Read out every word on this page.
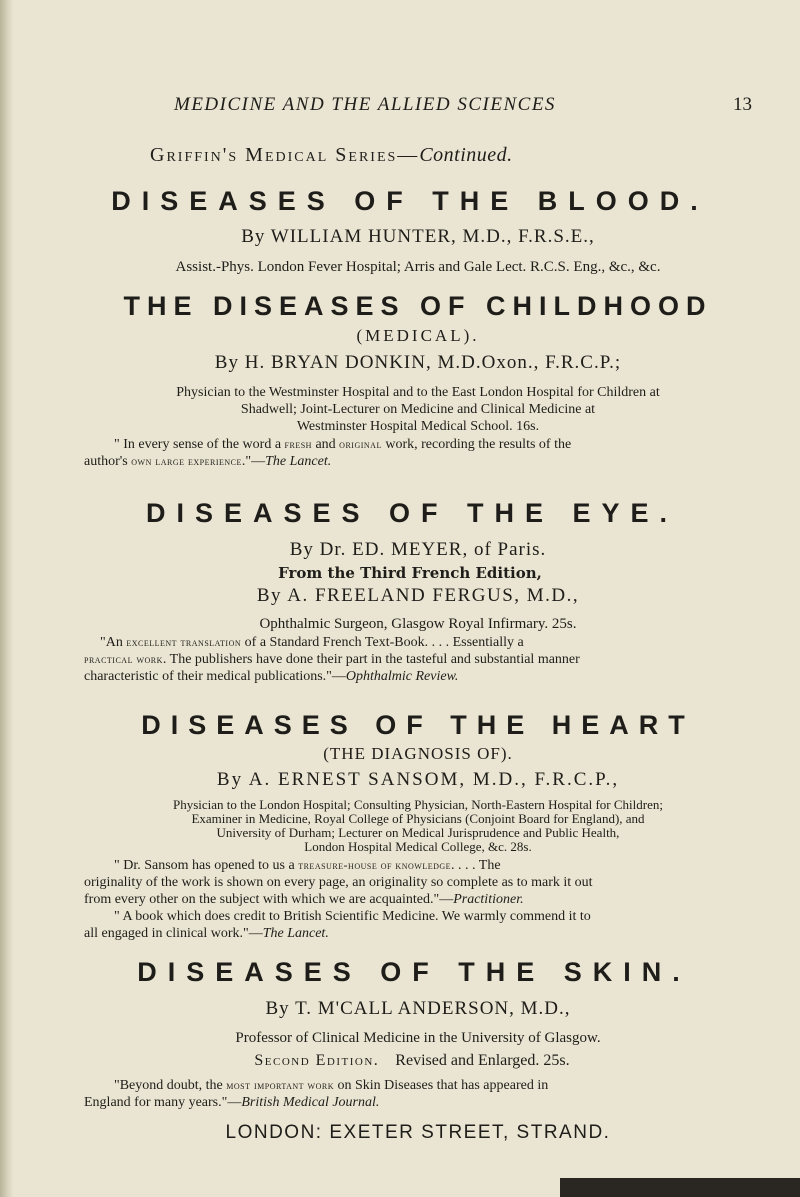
MEDICINE AND THE ALLIED SCIENCES	13
Griffin's Medical Series—Continued.
DISEASES OF THE BLOOD.
By WILLIAM HUNTER, M.D., F.R.S.E.,
Assist.-Phys. London Fever Hospital; Arris and Gale Lect. R.C.S. Eng., &c., &c.
THE DISEASES OF CHILDHOOD
(MEDICAL).
By H. BRYAN DONKIN, M.D.Oxon., F.R.C.P.;
Physician to the Westminster Hospital and to the East London Hospital for Children at
Shadwell; Joint-Lecturer on Medicine and Clinical Medicine at
Westminster Hospital Medical School. 16s.
" In every sense of the word a fresh and original work, recording the results of the
author's own large experience."—The Lancet.
DISEASES OF THE EYE.
By Dr. ED. MEYER, of Paris.
From the Third French Edition,
By A. FREELAND FERGUS, M.D.,
Ophthalmic Surgeon, Glasgow Royal Infirmary. 25s.
"An excellent translation of a Standard French Text-Book. . . . Essentially a
practical work. The publishers have done their part in the tasteful and substantial manner
characteristic of their medical publications."—Ophthalmic Review.
DISEASES OF THE HEART
(THE DIAGNOSIS OF).
By A. ERNEST SANSOM, M.D., F.R.C.P.,
Physician to the London Hospital; Consulting Physician, North-Eastern Hospital for Children;
Examiner in Medicine, Royal College of Physicians (Conjoint Board for England), and
University of Durham; Lecturer on Medical Jurisprudence and Public Health,
London Hospital Medical College, &c. 28s.
" Dr. Sansom has opened to us a treasure-house of knowledge. . . . The
originality of the work is shown on every page, an originality so complete as to mark it out
from every other on the subject with which we are acquainted."—Practitioner.
" A book which does credit to British Scientific Medicine. We warmly commend it to
all engaged in clinical work."—The Lancet.
DISEASES OF THE SKIN.
By T. M'CALL ANDERSON, M.D.,
Professor of Clinical Medicine in the University of Glasgow.
Second Edition. Revised and Enlarged. 25s.
"Beyond doubt, the most important work on Skin Diseases that has appeared in
England for many years."—British Medical Journal.
LONDON: EXETER STREET, STRAND.
